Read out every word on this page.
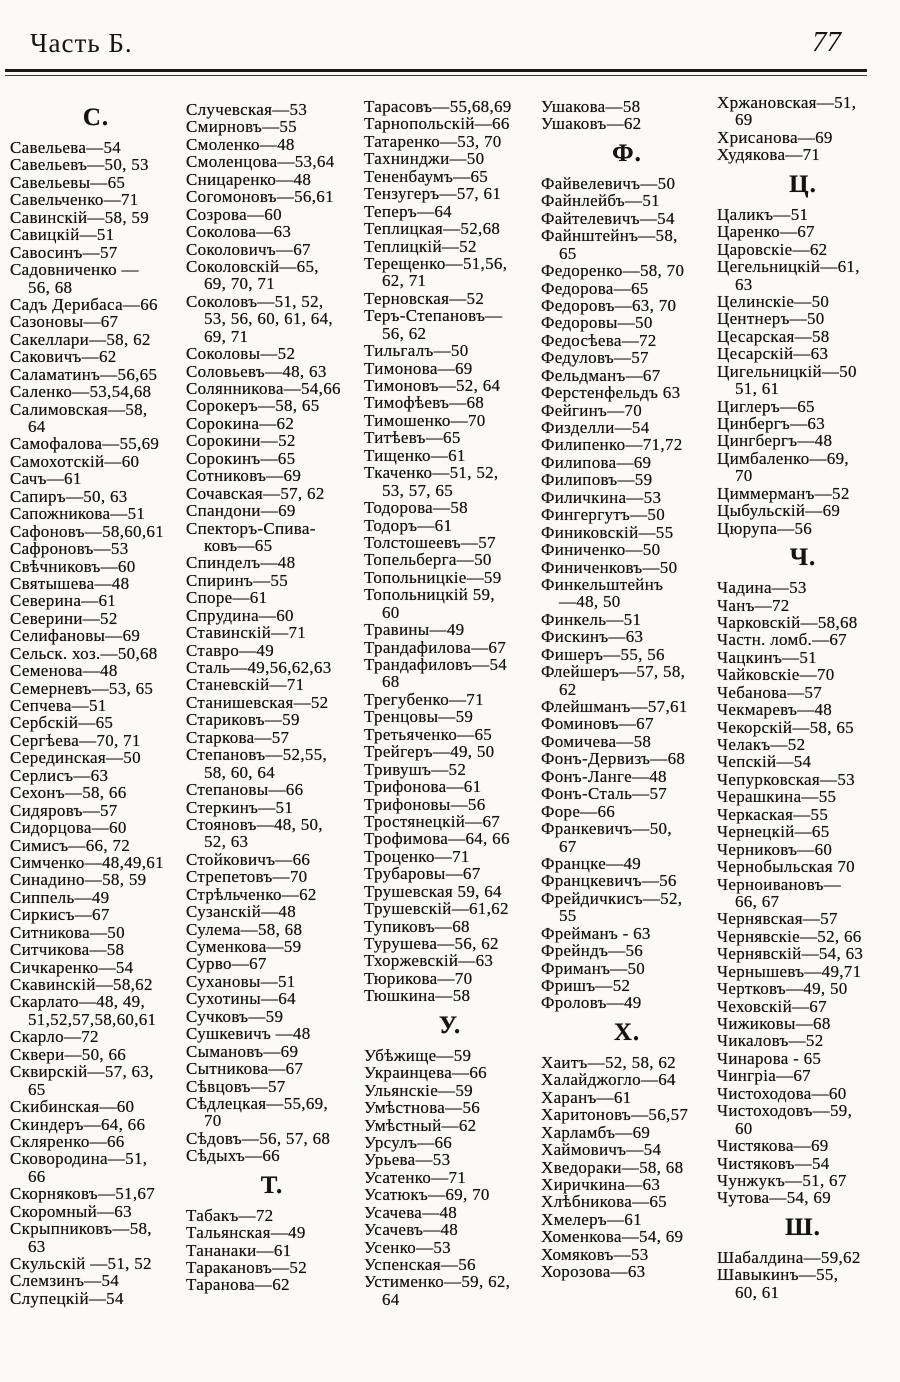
Часть Б.	77
С.
Савельева—54
Савельевъ—50, 53
Савельевы—65
Савельченко—71
Савинскій—58, 59
Савицкій—51
Савосинъ—57
Садовниченко —
56, 68
Садъ Дерибаса—66
Сазоновы—67
Сакеллари—58, 62
Саковичъ—62
Саламатинъ—56,65
Саленко—53,54,68
Салимовская—58,
64
Самофалова—55,69
Самохотскій—60
Сачъ—61
Сапиръ—50, 63
Сапожникова—51
Сафоновъ—58,60,61
Сафроновъ—53
Свѣчниковъ—60
Святышева—48
Северина—61
Северини—52
Селифановы—69
Сельск. хоз.—50,68
Семенова—48
Семерневъ—53, 65
Сепчева—51
Сербскій—65
Сергѣева—70, 71
Серединская—50
Серлисъ—63
Сехонъ—58, 66
Сидяровъ—57
Сидорцова—60
Симисъ—66, 72
Симченко—48,49,61
Синадино—58, 59
Сиппель—49
Сиркисъ—67
Ситникова—50
Ситчикова—58
Сичкаренко—54
Скавинскій—58,62
Скарлато—48, 49,
51,52,57,58,60,61
Скарло—72
Сквери—50, 66
Сквирскій—57, 63,
65
Скибинская—60
Скиндеръ—64, 66
Скляренко—66
Сковородина—51,
66
Скорняковъ—51,67
Скоромный—63
Скрыпниковъ—58,
63
Скульскій —51, 52
Слемзинъ—54
Слупецкій—54
Случевская—53
Смирновъ—55
Смоленко—48
Смоленцова—53,64
Сницаренко—48
Согомоновъ—56,61
Созрова—60
Соколова—63
Соколовичъ—67
Соколовскій—65,
69, 70, 71
Соколовъ—51, 52,
53, 56, 60, 61, 64,
69, 71
Соколовы—52
Соловьевъ—48, 63
Солянникова—54,66
Сорокеръ—58, 65
Сорокина—62
Сорокини—52
Сорокинъ—65
Сотниковъ—69
Сочавская—57, 62
Спандони—69
Спекторъ-Спива-
ковъ—65
Спинделъ—48
Спиринъ—55
Споре—61
Спрудина—60
Ставинскій—71
Ставро—49
Сталь—49,56,62,63
Станевскій—71
Станишевская—52
Стариковъ—59
Старкова—57
Степановъ—52,55,
58, 60, 64
Степановы—66
Стеркинъ—51
Стояновъ—48, 50,
52, 63
Стойковичъ—66
Стрепетовъ—70
Стрѣльченко—62
Сузанскій—48
Сулема—58, 68
Суменкова—59
Сурво—67
Сухановы—51
Сухотины—64
Сучковъ—59
Сушкевичъ —48
Сымановъ—69
Сытникова—67
Сѣвцовъ—57
Сѣдлецкая—55,69,
70
Сѣдовъ—56, 57, 68
Сѣдыхъ—66
Т.
Табакъ—72
Тальянская—49
Тананаки—61
Таракановъ—52
Таранова—62
Тарасовъ—55,68,69
Тарнопольскій—66
Татаренко—53, 70
Тахнинджи—50
Тененбаумъ—65
Тензугеръ—57, 61
Теперъ—64
Теплицкая—52,68
Теплицкій—52
Терещенко—51,56,
62, 71
Терновская—52
Теръ-Степановъ—
56, 62
Тильгалъ—50
Тимонова—69
Тимоновъ—52, 64
Тимофѣевъ—68
Тимошенко—70
Титѣевъ—65
Тищенко—61
Ткаченко—51, 52,
53, 57, 65
Тодорова—58
Тодоръ—61
Толстошеевъ—57
Топельберга—50
Топольницкіе—59
Топольницкій 59,
60
Травины—49
Трандафилова—67
Трандафиловъ—54
68
Трегубенко—71
Тренцовы—59
Третьяченко—65
Трейгеръ—49, 50
Тривушъ—52
Трифонова—61
Трифоновы—56
Тростянецкій—67
Трофимова—64, 66
Троценко—71
Трубаровы—67
Трушевская 59, 64
Трушевскій—61,62
Тупиковъ—68
Турушева—56, 62
Тхоржевскій—63
Тюрикова—70
Тюшкина—58
У.
Убѣжище—59
Украинцева—66
Ульянскіе—59
Умѣстнова—56
Умѣстный—62
Урсулъ—66
Урьева—53
Усатенко—71
Усатюкъ—69, 70
Усачева—48
Усачевъ—48
Усенко—53
Успенская—56
Устименко—59, 62,
64
Ушакова—58
Ушаковъ—62
Ф.
Файвелевичъ—50
Файнлейбъ—51
Файтелевичъ—54
Файнштейнъ—58,
65
Федоренко—58, 70
Федорова—65
Федоровъ—63, 70
Федоровы—50
Федосѣева—72
Федуловъ—57
Фельдманъ—67
Ферстенфельдъ 63
Фейгинъ—70
Физделли—54
Филипенко—71,72
Филипова—69
Филиповъ—59
Филичкина—53
Фингергутъ—50
Финиковскій—55
Финиченко—50
Финиченковъ—50
Финкельштейнъ
—48, 50
Финкель—51
Фискинъ—63
Фишеръ—55, 56
Флейшеръ—57, 58,
62
Флейшманъ—57,61
Фоминовъ—67
Фомичева—58
Фонъ-Дервизъ—68
Фонъ-Ланге—48
Фонъ-Сталь—57
Форе—66
Франкевичъ—50,
67
Францке—49
Францкевичъ—56
Фрейдичкисъ—52,
55
Фрейманъ - 63
Фрейндъ—56
Фриманъ—50
Фришъ—52
Фроловъ—49
Х.
Хаитъ—52, 58, 62
Халайджогло—64
Харанъ—61
Харитоновъ—56,57
Харламбъ—69
Хаймовичъ—54
Хведораки—58, 68
Хиричкина—63
Хлѣбникова—65
Хмелеръ—61
Хоменкова—54, 69
Хомяковъ—53
Хорозова—63
Хржановская—51,
69
Хрисанова—69
Худякова—71
Ц.
Цаликъ—51
Царенко—67
Царовскіе—62
Цегельницкій—61,
63
Целинскіе—50
Центнеръ—50
Цесарская—58
Цесарскій—63
Цигельницкій—50
51, 61
Циглеръ—65
Цинбергъ—63
Цингбергъ—48
Цимбаленко—69,
70
Циммерманъ—52
Цыбульскій—69
Цюрупа—56
Ч.
Чадина—53
Чанъ—72
Чарковскій—58,68
Частн. ломб.—67
Чацкинъ—51
Чайковскіе—70
Чебанова—57
Чекмаревъ—48
Чекорскій—58, 65
Челакъ—52
Чепскій—54
Чепурковская—53
Черашкина—55
Черкаская—55
Чернецкій—65
Черниковъ—60
Чернобыльская 70
Черноивановъ—
66, 67
Чернявская—57
Чернявскіе—52, 66
Чернявскій—54, 63
Чернышевъ—49,71
Чертковъ—49, 50
Чеховскій—67
Чижиковы—68
Чикаловъ—52
Чинарова - 65
Чингріа—67
Чистоходова—60
Чистоходовъ—59,
60
Чистякова—69
Чистяковъ—54
Чунжукъ—51, 67
Чутова—54, 69
Ш.
Шабалдина—59,62
Шавыкинъ—55,
60, 61
